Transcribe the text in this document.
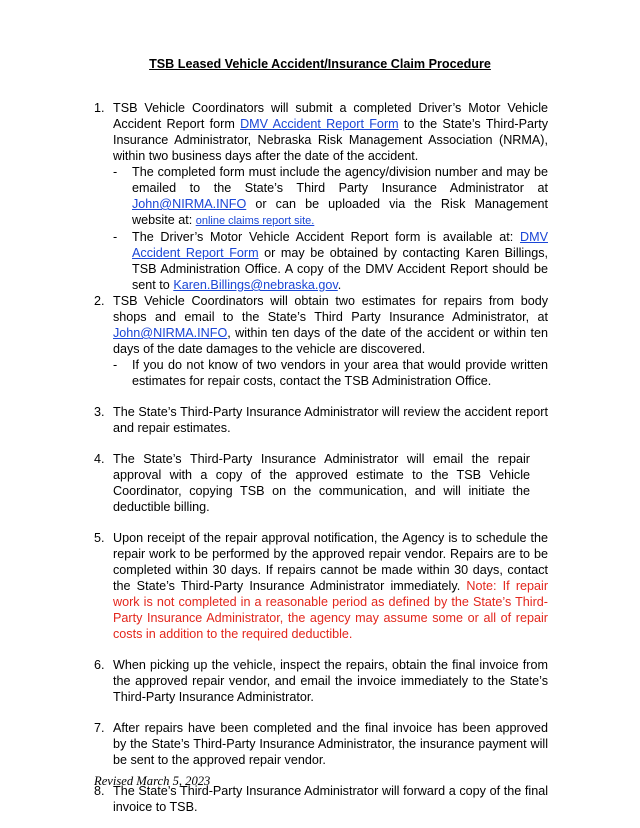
TSB Leased Vehicle Accident/Insurance Claim Procedure
1. TSB Vehicle Coordinators will submit a completed Driver’s Motor Vehicle Accident Report form DMV Accident Report Form to the State’s Third-Party Insurance Administrator, Nebraska Risk Management Association (NRMA), within two business days after the date of the accident.
- The completed form must include the agency/division number and may be emailed to the State’s Third Party Insurance Administrator at John@NIRMA.INFO or can be uploaded via the Risk Management website at: online claims report site.
- The Driver’s Motor Vehicle Accident Report form is available at: DMV Accident Report Form or may be obtained by contacting Karen Billings, TSB Administration Office. A copy of the DMV Accident Report should be sent to Karen.Billings@nebraska.gov.
2. TSB Vehicle Coordinators will obtain two estimates for repairs from body shops and email to the State’s Third Party Insurance Administrator, at John@NIRMA.INFO, within ten days of the date of the accident or within ten days of the date damages to the vehicle are discovered.
- If you do not know of two vendors in your area that would provide written estimates for repair costs, contact the TSB Administration Office.
3. The State’s Third-Party Insurance Administrator will review the accident report and repair estimates.
4. The State’s Third-Party Insurance Administrator will email the repair approval with a copy of the approved estimate to the TSB Vehicle Coordinator, copying TSB on the communication, and will initiate the deductible billing.
5. Upon receipt of the repair approval notification, the Agency is to schedule the repair work to be performed by the approved repair vendor. Repairs are to be completed within 30 days. If repairs cannot be made within 30 days, contact the State’s Third-Party Insurance Administrator immediately. Note: If repair work is not completed in a reasonable period as defined by the State’s Third-Party Insurance Administrator, the agency may assume some or all of repair costs in addition to the required deductible.
6. When picking up the vehicle, inspect the repairs, obtain the final invoice from the approved repair vendor, and email the invoice immediately to the State’s Third-Party Insurance Administrator.
7. After repairs have been completed and the final invoice has been approved by the State’s Third-Party Insurance Administrator, the insurance payment will be sent to the approved repair vendor.
8. The State’s Third-Party Insurance Administrator will forward a copy of the final invoice to TSB.
Revised March 5, 2023
